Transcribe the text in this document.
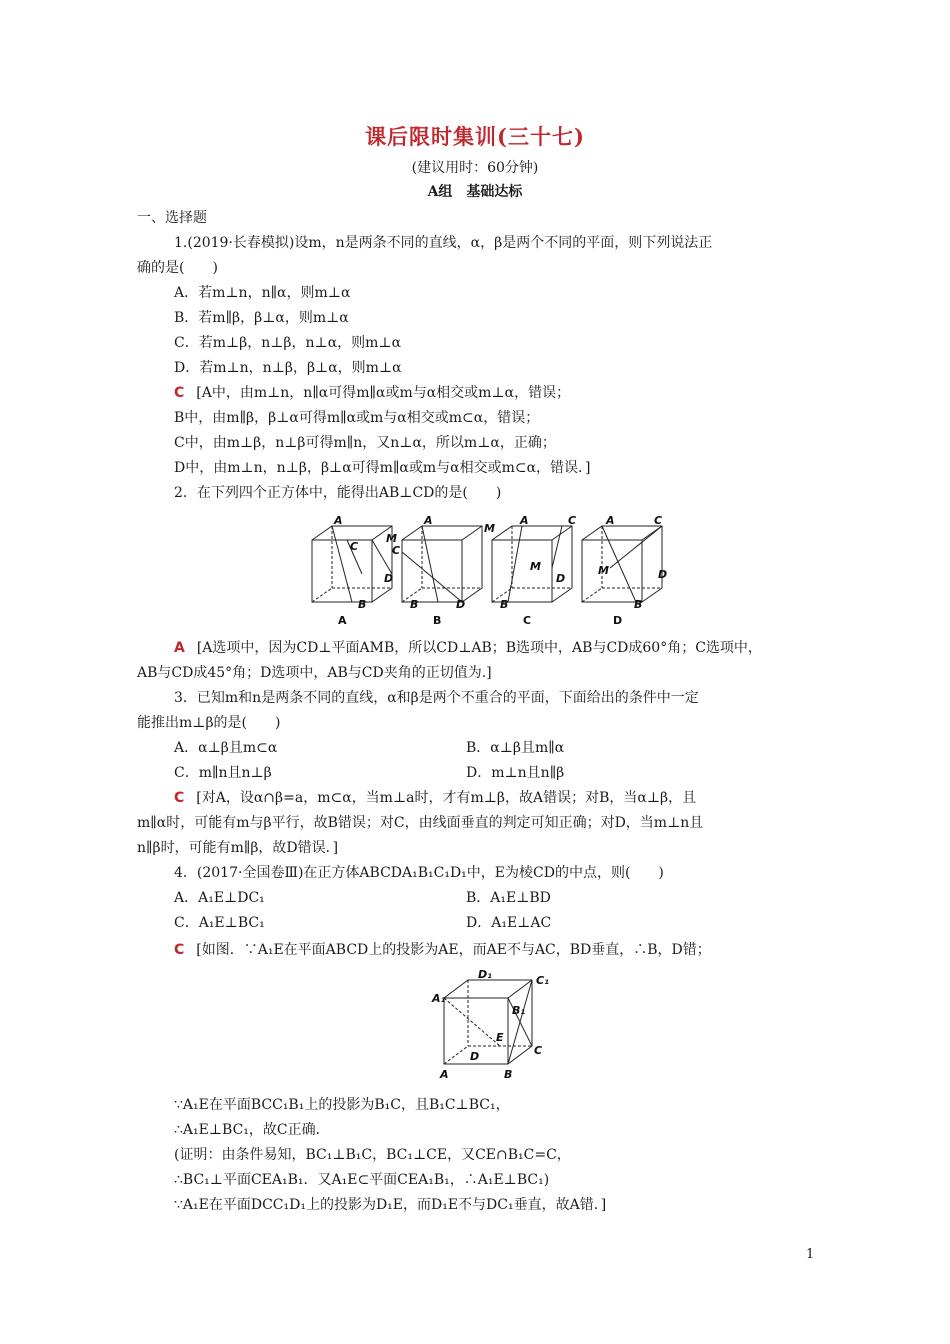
课后限时集训(三十七)
(建议用时：60分钟)
A组　基础达标
一、选择题
1.(2019·长春模拟)设m，n是两条不同的直线，α，β是两个不同的平面，则下列说法正
确的是(　　)
A．若m⊥n，n∥α，则m⊥α
B．若m∥β，β⊥α，则m⊥α
C．若m⊥β，n⊥β，n⊥α，则m⊥α
D．若m⊥n，n⊥β，β⊥α，则m⊥α
C [A中，由m⊥n，n∥α可得m∥α或m与α相交或m⊥α，错误；
B中，由m∥β，β⊥α可得m∥α或m与α相交或m⊂α，错误；
C中，由m⊥β，n⊥β可得m∥n，又n⊥α，所以m⊥α，正确；
D中，由m⊥n，n⊥β，β⊥α可得m∥α或m与α相交或m⊂α，错误．]
2．在下列四个正方体中，能得出AB⊥CD的是(　　)
A
M
C
D
B
A
M
C
B	D
A	C
M
D
B
A	C
M	D
B
A	B	C	D
A [A选项中，因为CD⊥平面AMB，所以CD⊥AB；B选项中，AB与CD成60°角；C选项中，
AB与CD成45°角；D选项中，AB与CD夹角的正切值为.]
3．已知m和n是两条不同的直线，α和β是两个不重合的平面，下面给出的条件中一定
能推出m⊥β的是(　　)
A．α⊥β且m⊂α	B．α⊥β且m∥α
C．m∥n且n⊥β	D．m⊥n且n∥β
C [对A，设α∩β=a，m⊂α，当m⊥a时，才有m⊥β，故A错误；对B，当α⊥β，且
m∥α时，可能有m与β平行，故B错误；对C，由线面垂直的判定可知正确；对D，当m⊥n且
n∥β时，可能有m∥β，故D错误．]
4．(2017·全国卷Ⅲ)在正方体ABCDA₁B₁C₁D₁中，E为棱CD的中点，则(　　)
A．A₁E⊥DC₁	B．A₁E⊥BD
C．A₁E⊥BC₁	D．A₁E⊥AC
C [如图．∵A₁E在平面ABCD上的投影为AE，而AE不与AC，BD垂直，∴B，D错；
A₁
D₁	C₁
B₁
E
D	C
A	B
∵A₁E在平面BCC₁B₁上的投影为B₁C，且B₁C⊥BC₁，
∴A₁E⊥BC₁，故C正确．
(证明：由条件易知，BC₁⊥B₁C，BC₁⊥CE，又CE∩B₁C=C，
∴BC₁⊥平面CEA₁B₁．又A₁E⊂平面CEA₁B₁，∴A₁E⊥BC₁)
∵A₁E在平面DCC₁D₁上的投影为D₁E，而D₁E不与DC₁垂直，故A错．]
1
